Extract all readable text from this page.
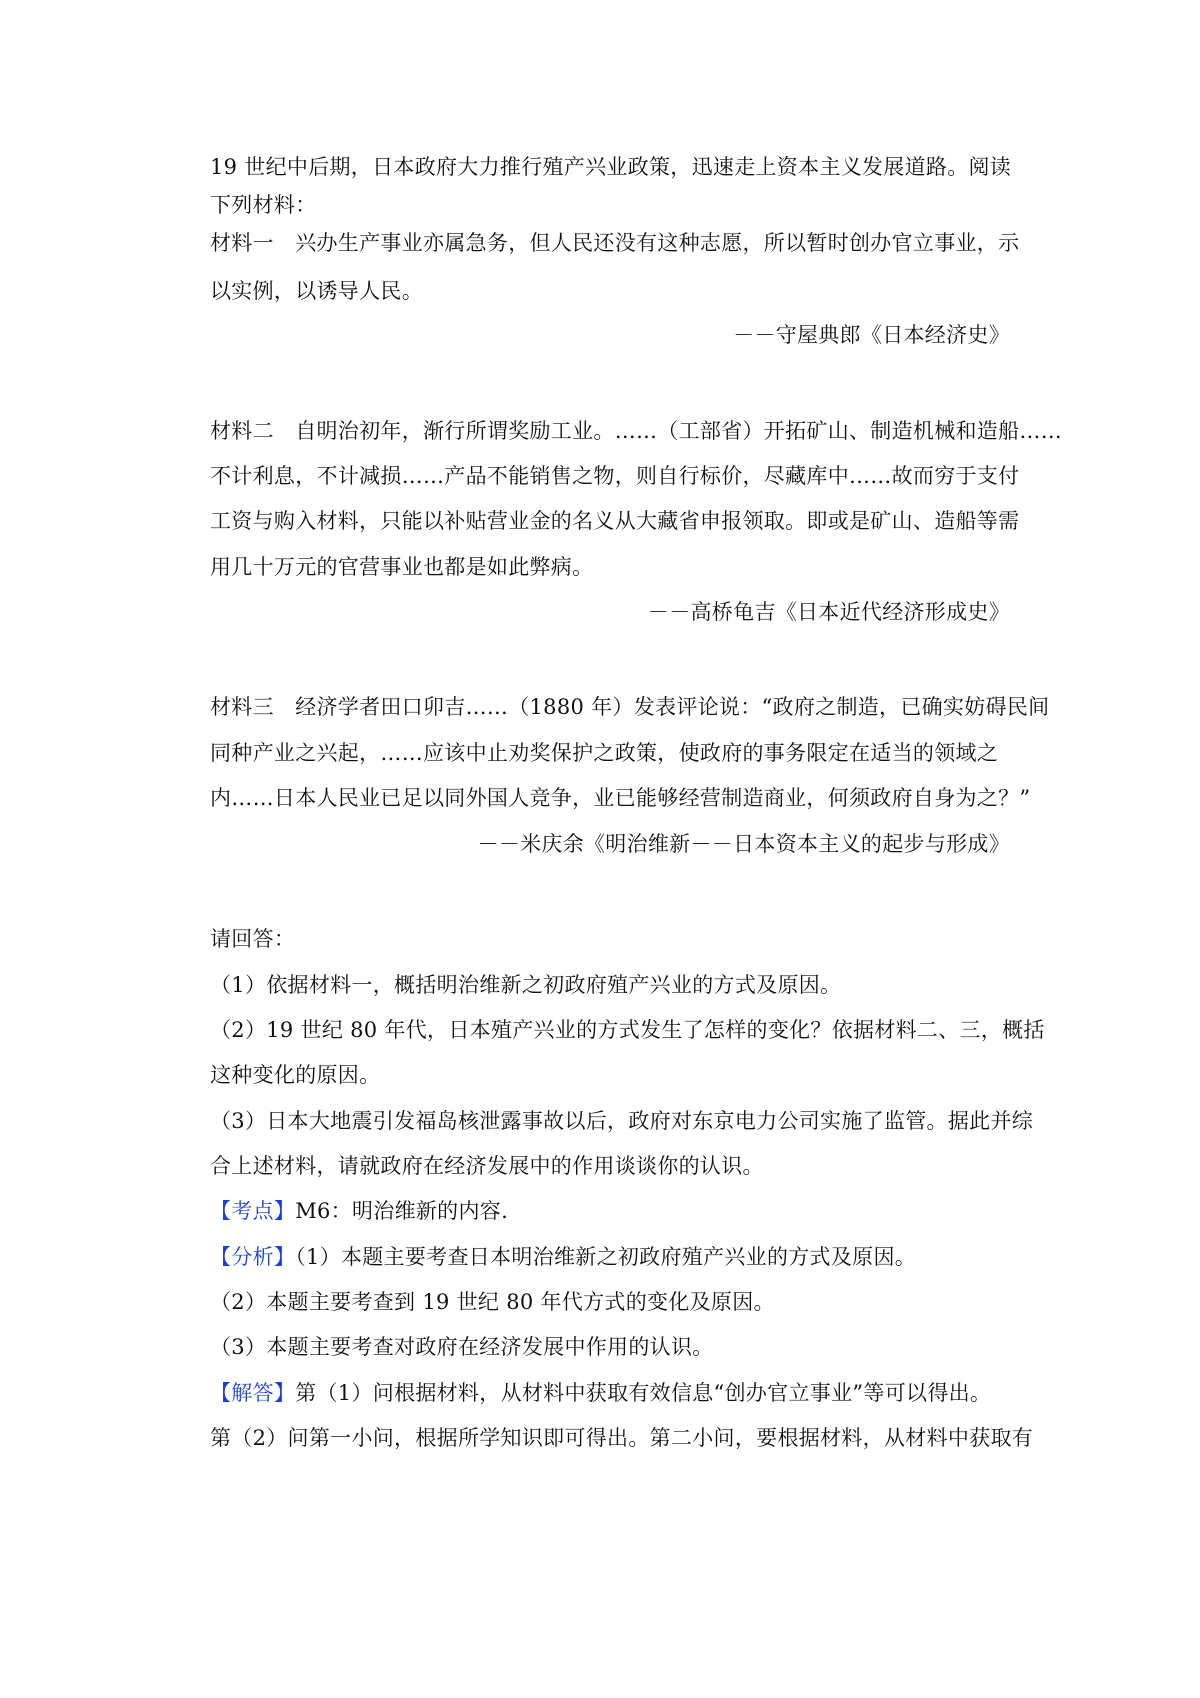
19 世纪中后期，日本政府大力推行殖产兴业政策，迅速走上资本主义发展道路。阅 读
下列材料：
材料一　兴办生产事业亦属急务，但人民还没有这种志愿，所以暂时创办官立事业，示
以实例，以诱导人民。
－－守屋典郎《日本经济史》
材料二　自明治初年，渐行所谓奖励工业。……（工部省）开拓矿山、制造机械和造船……
不计利息，不计减损……产品不能销售之物，则自行标价，尽藏库中……故而穷于支付
工资与购入材料，只能以补贴营业金的名义从大藏省申报领取。即或是矿山、造船等需
用几十万元的官营事业也都是如此弊病。
－－高桥龟吉《日本近代经济形成史》
材料三　经济学者田口卯吉……（1880 年）发表评论说：“政府之制造，已确实妨碍民间
同种产业之兴起，……应该中止劝奖保护之政策，使政府的事务限定在适当的领域之
内……日本人民业已足以同外国人竞争，业已能够经营制造商业，何须政府自身为之？”
－－米庆余《明治维新－－日本资本主义的起步与形成》
请回答：
（1）依据材料一，概括明治维新之初政府殖产兴业的方式及原因。
（2）19 世纪 80 年代，日本殖产兴业的方式发生了怎样的变化？依据材料二、三，概括
这种变化的原因。
（3）日本大地震引发福岛核泄露事故以后，政府对东京电力公司实施了监管。据此并综
合上述材料，请就政府在经济发展中的作用谈谈你的认识。
【考点】M6：明治维新的内容.
【分析】（1）本题主要考查日本明治维新之初政府殖产兴业的方式及原因。
（2）本题主要考查到 19 世纪 80 年代方式的变化及原因。
（3）本题主要考查对政府在经济发展中作用的认识。
【解答】第（1）问根据材料，从材料中获取有效信息“创办官立事业”等可以得出。
第（2）问第一小问，根据所学知识即可得出。第二小问，要根据材料，从材料中获取有
